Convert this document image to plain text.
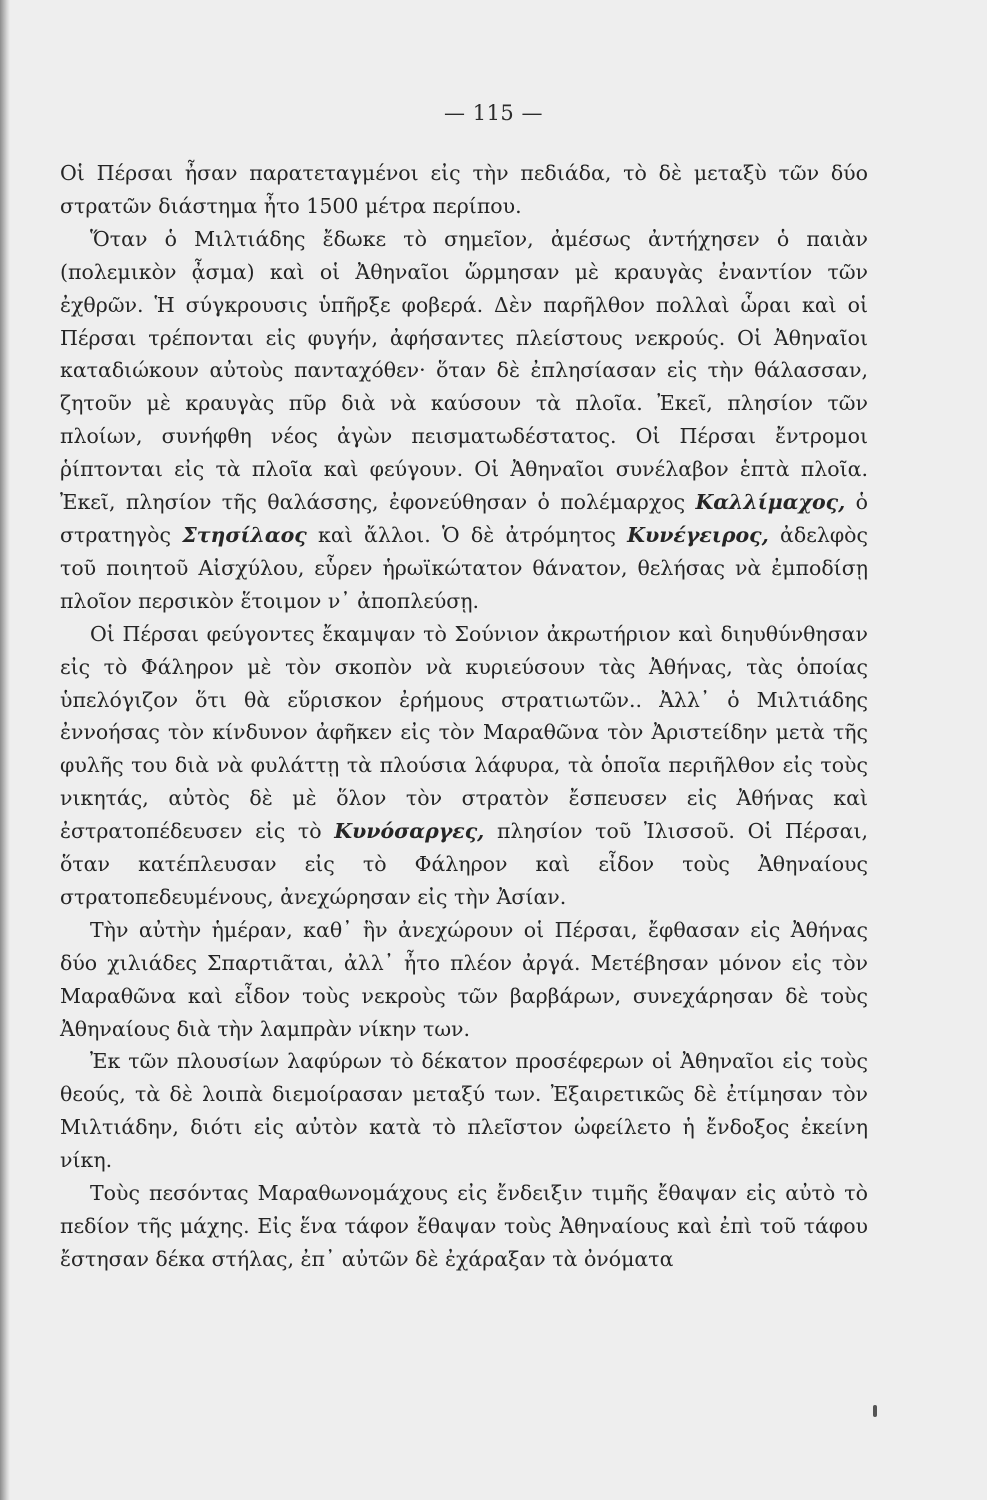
— 115 —

Οἱ Πέρσαι ἦσαν παρατεταγμένοι εἰς τὴν πεδιάδα, τὸ δὲ μεταξὺ τῶν δύο στρατῶν διάστημα ἦτο 1500 μέτρα περίπου.

Ὅταν ὁ Μιλτιάδης ἔδωκε τὸ σημεῖον, ἀμέσως ἀντήχησεν ὁ παιὰν (πολεμικὸν ᾆσμα) καὶ οἱ Ἀθηναῖοι ὥρμησαν μὲ κραυγὰς ἐναντίον τῶν ἐχθρῶν. Ἡ σύγκρουσις ὑπῆρξε φοβερά. Δὲν παρῆλθον πολλαὶ ὧραι καὶ οἱ Πέρσαι τρέπονται εἰς φυγήν, ἀφήσαντες πλείστους νεκρούς. Οἱ Ἀθηναῖοι καταδιώκουν αὐτοὺς πανταχόθεν· ὅταν δὲ ἐπλησίασαν εἰς τὴν θάλασσαν, ζητοῦν μὲ κραυγὰς πῦρ διὰ νὰ καύσουν τὰ πλοῖα. Ἐκεῖ, πλησίον τῶν πλοίων, συνήφθη νέος ἀγὼν πεισματωδέστατος. Οἱ Πέρσαι ἔντρομοι ῥίπτονται εἰς τὰ πλοῖα καὶ φεύγουν. Οἱ Ἀθηναῖοι συνέλαβον ἑπτὰ πλοῖα. Ἐκεῖ, πλησίον τῆς θαλάσσης, ἐφονεύθησαν ὁ πολέμαρχος Καλλίμαχος, ὁ στρατηγὸς Στησίλαος καὶ ἄλλοι. Ὁ δὲ ἀτρόμητος Κυνέγειρος, ἀδελφὸς τοῦ ποιητοῦ Αἰσχύλου, εὗρεν ἡρωϊκώτατον θάνατον, θελήσας νὰ ἐμποδίσῃ πλοῖον περσικὸν ἕτοιμον ν᾽ ἀποπλεύσῃ.

Οἱ Πέρσαι φεύγοντες ἔκαμψαν τὸ Σούνιον ἀκρωτήριον καὶ διηυθύνθησαν εἰς τὸ Φάληρον μὲ τὸν σκοπὸν νὰ κυριεύσουν τὰς Ἀθήνας, τὰς ὁποίας ὑπελόγιζον ὅτι θὰ εὕρισκον ἐρήμους στρατιωτῶν.. Ἀλλ᾽ ὁ Μιλτιάδης ἐννοήσας τὸν κίνδυνον ἀφῆκεν εἰς τὸν Μαραθῶνα τὸν Ἀριστείδην μετὰ τῆς φυλῆς του διὰ νὰ φυλάττῃ τὰ πλούσια λάφυρα, τὰ ὁποῖα περιῆλθον εἰς τοὺς νικητάς, αὐτὸς δὲ μὲ ὅλον τὸν στρατὸν ἔσπευσεν εἰς Ἀθήνας καὶ ἐστρατοπέδευσεν εἰς τὸ Κυνόσαργες, πλησίον τοῦ Ἰλισσοῦ. Οἱ Πέρσαι, ὅταν κατέπλευσαν εἰς τὸ Φάληρον καὶ εἶδον τοὺς Ἀθηναίους στρατοπεδευμένους, ἀνεχώρησαν εἰς τὴν Ἀσίαν.

Τὴν αὐτὴν ἡμέραν, καθ᾽ ἣν ἀνεχώρουν οἱ Πέρσαι, ἔφθασαν εἰς Ἀθήνας δύο χιλιάδες Σπαρτιᾶται, ἀλλ᾽ ἦτο πλέον ἀργά. Μετέβησαν μόνον εἰς τὸν Μαραθῶνα καὶ εἶδον τοὺς νεκροὺς τῶν βαρβάρων, συνεχάρησαν δὲ τοὺς Ἀθηναίους διὰ τὴν λαμπρὰν νίκην των.

Ἐκ τῶν πλουσίων λαφύρων τὸ δέκατον προσέφερων οἱ Ἀθηναῖοι εἰς τοὺς θεούς, τὰ δὲ λοιπὰ διεμοίρασαν μεταξύ των. Ἐξαιρετικῶς δὲ ἐτίμησαν τὸν Μιλτιάδην, διότι εἰς αὐτὸν κατὰ τὸ πλεῖστον ὠφείλετο ἡ ἔνδοξος ἐκείνη νίκη.

Τοὺς πεσόντας Μαραθωνομάχους εἰς ἔνδειξιν τιμῆς ἔθαψαν εἰς αὐτὸ τὸ πεδίον τῆς μάχης. Εἰς ἕνα τάφον ἔθαψαν τοὺς Ἀθηναίους καὶ ἐπὶ τοῦ τάφου ἔστησαν δέκα στήλας, ἐπ᾽ αὐτῶν δὲ ἐχάραξαν τὰ ὀνόματα
